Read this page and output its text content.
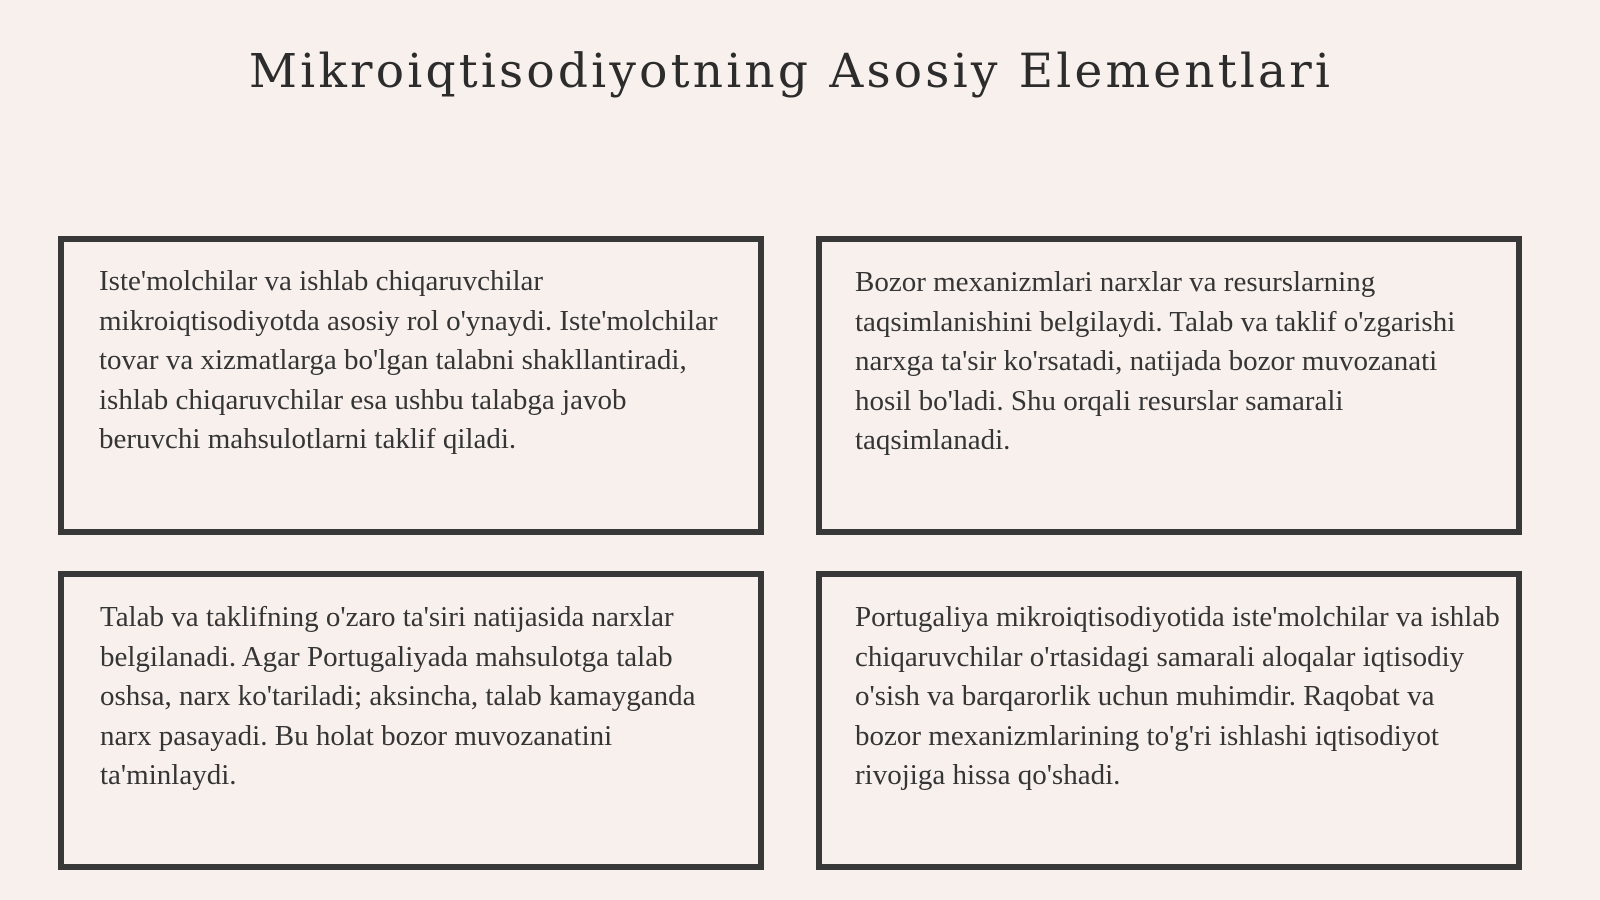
Mikroiqtisodiyotning Asosiy Elementlari

Iste'molchilar va ishlab chiqaruvchilar mikroiqtisodiyotda asosiy rol o'ynaydi. Iste'molchilar tovar va xizmatlarga bo'lgan talabni shakllantiradi, ishlab chiqaruvchilar esa ushbu talabga javob beruvchi mahsulotlarni taklif qiladi.

Bozor mexanizmlari narxlar va resurslarning taqsimlanishini belgilaydi. Talab va taklif o'zgarishi narxga ta'sir ko'rsatadi, natijada bozor muvozanati hosil bo'ladi. Shu orqali resurslar samarali taqsimlanadi.

Talab va taklifning o'zaro ta'siri natijasida narxlar belgilanadi. Agar Portugaliyada mahsulotga talab oshsa, narx ko'tariladi; aksincha, talab kamayganda narx pasayadi. Bu holat bozor muvozanatini ta'minlaydi.

Portugaliya mikroiqtisodiyotida iste'molchilar va ishlab chiqaruvchilar o'rtasidagi samarali aloqalar iqtisodiy o'sish va barqarorlik uchun muhimdir. Raqobat va bozor mexanizmlarining to'g'ri ishlashi iqtisodiyot rivojiga hissa qo'shadi.
